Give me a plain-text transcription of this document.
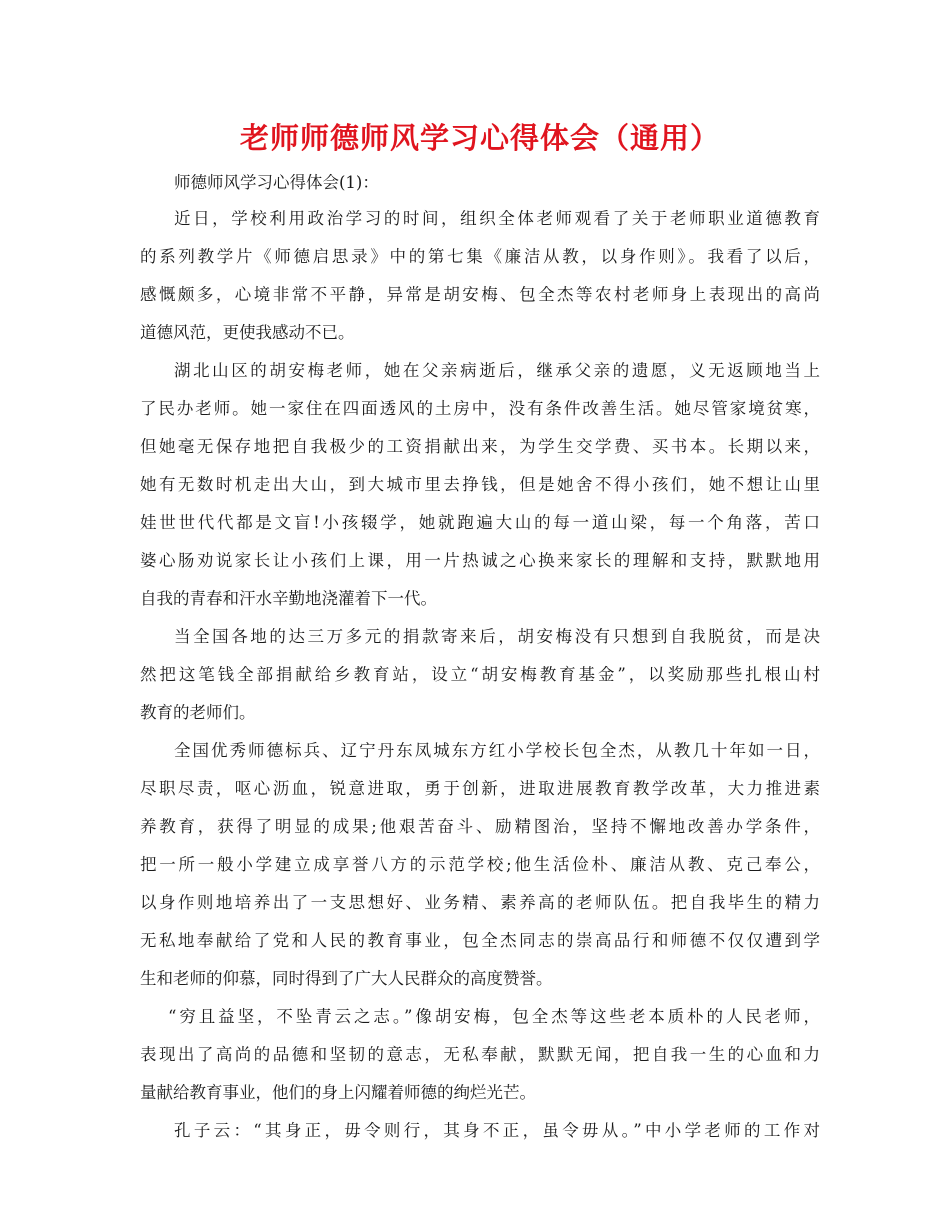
老师师德师风学习心得体会（通用）

师德师风学习心得体会(1)：

近日，学校利用政治学习的时间，组织全体老师观看了关于老师职业道德教育
的系列教学片《师德启思录》中的第七集《廉洁从教，以身作则》。我看了以后，
感慨颇多，心境非常不平静，异常是胡安梅、包全杰等农村老师身上表现出的高尚
道德风范，更使我感动不已。

湖北山区的胡安梅老师，她在父亲病逝后，继承父亲的遗愿，义无返顾地当上
了民办老师。她一家住在四面透风的土房中，没有条件改善生活。她尽管家境贫寒，
但她毫无保存地把自我极少的工资捐献出来，为学生交学费、买书本。长期以来，
她有无数时机走出大山，到大城市里去挣钱，但是她舍不得小孩们，她不想让山里
娃世世代代都是文盲!小孩辍学，她就跑遍大山的每一道山梁，每一个角落，苦口
婆心肠劝说家长让小孩们上课，用一片热诚之心换来家长的理解和支持，默默地用
自我的青春和汗水辛勤地浇灌着下一代。

当全国各地的达三万多元的捐款寄来后，胡安梅没有只想到自我脱贫，而是决
然把这笔钱全部捐献给乡教育站，设立“胡安梅教育基金”，以奖励那些扎根山村
教育的老师们。

全国优秀师德标兵、辽宁丹东凤城东方红小学校长包全杰，从教几十年如一日，
尽职尽责，呕心沥血，锐意进取，勇于创新，进取进展教育教学改革，大力推进素
养教育，获得了明显的成果;他艰苦奋斗、励精图治，坚持不懈地改善办学条件，
把一所一般小学建立成享誉八方的示范学校;他生活俭朴、廉洁从教、克己奉公，
以身作则地培养出了一支思想好、业务精、素养高的老师队伍。把自我毕生的精力
无私地奉献给了党和人民的教育事业，包全杰同志的崇高品行和师德不仅仅遭到学
生和老师的仰慕，同时得到了广大人民群众的高度赞誉。

“穷且益坚，不坠青云之志。”像胡安梅，包全杰等这些老本质朴的人民老师，
表现出了高尚的品德和坚韧的意志，无私奉献，默默无闻，把自我一生的心血和力
量献给教育事业，他们的身上闪耀着师德的绚烂光芒。

孔子云：“其身正，毋令则行，其身不正，虽令毋从。”中小学老师的工作对
